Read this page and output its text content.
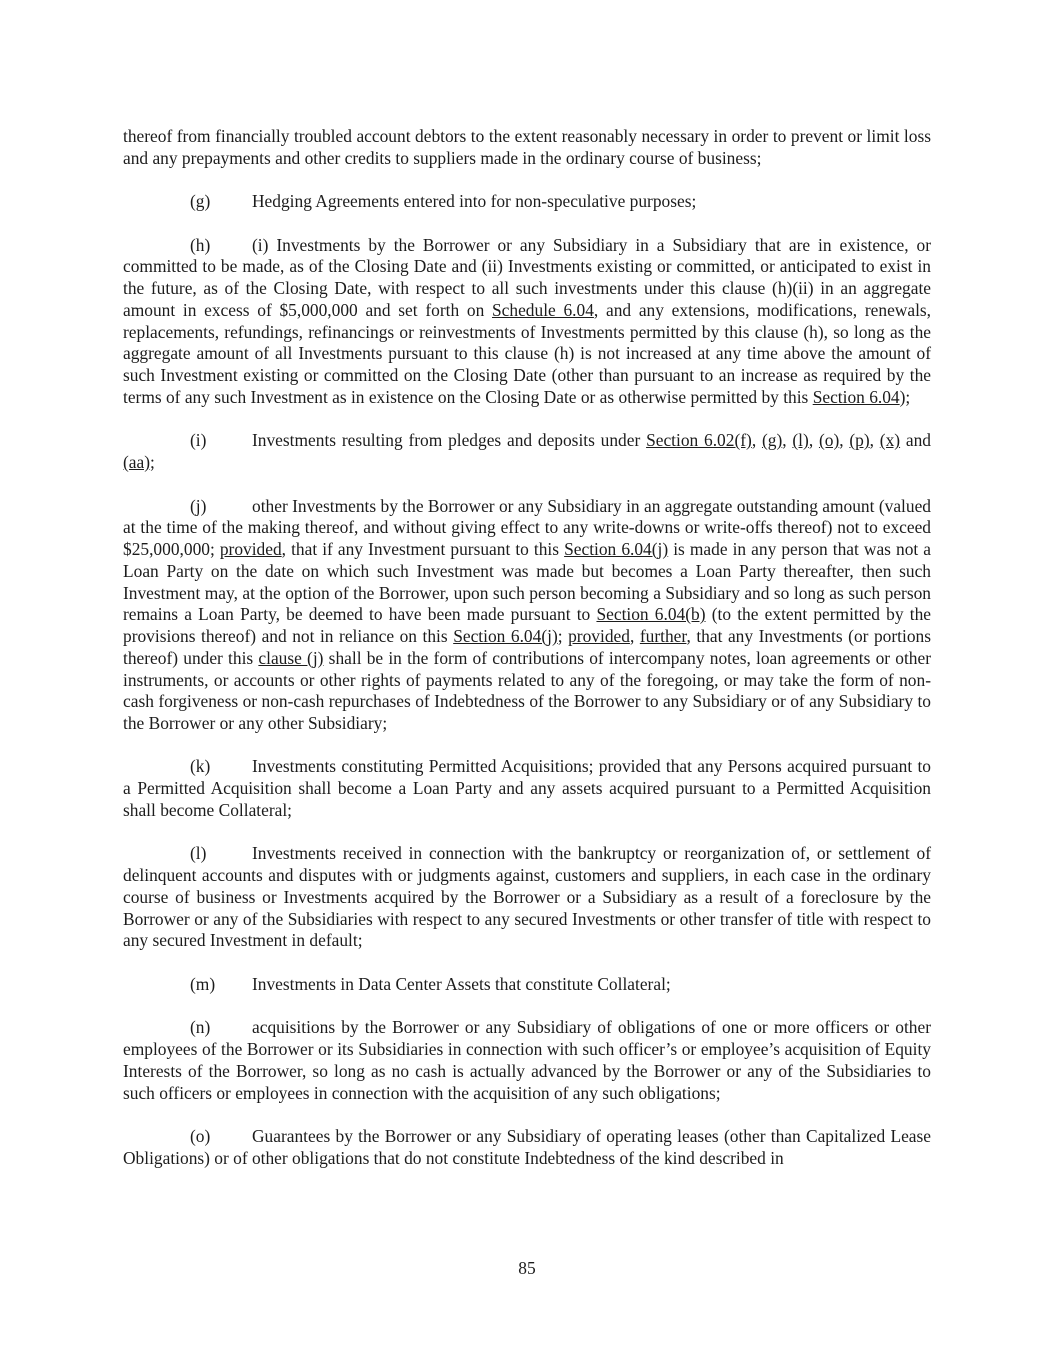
thereof from financially troubled account debtors to the extent reasonably necessary in order to prevent or limit loss and any prepayments and other credits to suppliers made in the ordinary course of business;

(g) Hedging Agreements entered into for non-speculative purposes;

(h) (i) Investments by the Borrower or any Subsidiary in a Subsidiary that are in existence, or committed to be made, as of the Closing Date and (ii) Investments existing or committed, or anticipated to exist in the future, as of the Closing Date, with respect to all such investments under this clause (h)(ii) in an aggregate amount in excess of $5,000,000 and set forth on Schedule 6.04, and any extensions, modifications, renewals, replacements, refundings, refinancings or reinvestments of Investments permitted by this clause (h), so long as the aggregate amount of all Investments pursuant to this clause (h) is not increased at any time above the amount of such Investment existing or committed on the Closing Date (other than pursuant to an increase as required by the terms of any such Investment as in existence on the Closing Date or as otherwise permitted by this Section 6.04);

(i)	Investments resulting from pledges and deposits under Section 6.02(f), (g), (l), (o), (p), (x) and (aa);

(j)	other Investments by the Borrower or any Subsidiary in an aggregate outstanding amount (valued at the time of the making thereof, and without giving effect to any write-downs or write-offs thereof) not to exceed $25,000,000; provided, that if any Investment pursuant to this Section 6.04(j) is made in any person that was not a Loan Party on the date on which such Investment was made but becomes a Loan Party thereafter, then such Investment may, at the option of the Borrower, upon such person becoming a Subsidiary and so long as such person remains a Loan Party, be deemed to have been made pursuant to Section 6.04(b) (to the extent permitted by the provisions thereof) and not in reliance on this Section 6.04(j); provided, further, that any Investments (or portions thereof) under this clause (j) shall be in the form of contributions of intercompany notes, loan agreements or other instruments, or accounts or other rights of payments related to any of the foregoing, or may take the form of non-cash forgiveness or non-cash repurchases of Indebtedness of the Borrower to any Subsidiary or of any Subsidiary to the Borrower or any other Subsidiary;

(k) Investments constituting Permitted Acquisitions; provided that any Persons acquired pursuant to a Permitted Acquisition shall become a Loan Party and any assets acquired pursuant to a Permitted Acquisition shall become Collateral;

(l)	Investments received in connection with the bankruptcy or reorganization of, or settlement of delinquent accounts and disputes with or judgments against, customers and suppliers, in each case in the ordinary course of business or Investments acquired by the Borrower or a Subsidiary as a result of a foreclosure by the Borrower or any of the Subsidiaries with respect to any secured Investments or other transfer of title with respect to any secured Investment in default;

(m) Investments in Data Center Assets that constitute Collateral;

(n) acquisitions by the Borrower or any Subsidiary of obligations of one or more officers or other employees of the Borrower or its Subsidiaries in connection with such officer’s or employee’s acquisition of Equity Interests of the Borrower, so long as no cash is actually advanced by the Borrower or any of the Subsidiaries to such officers or employees in connection with the acquisition of any such obligations;

(o) Guarantees by the Borrower or any Subsidiary of operating leases (other than Capitalized Lease Obligations) or of other obligations that do not constitute Indebtedness of the kind described in

85
